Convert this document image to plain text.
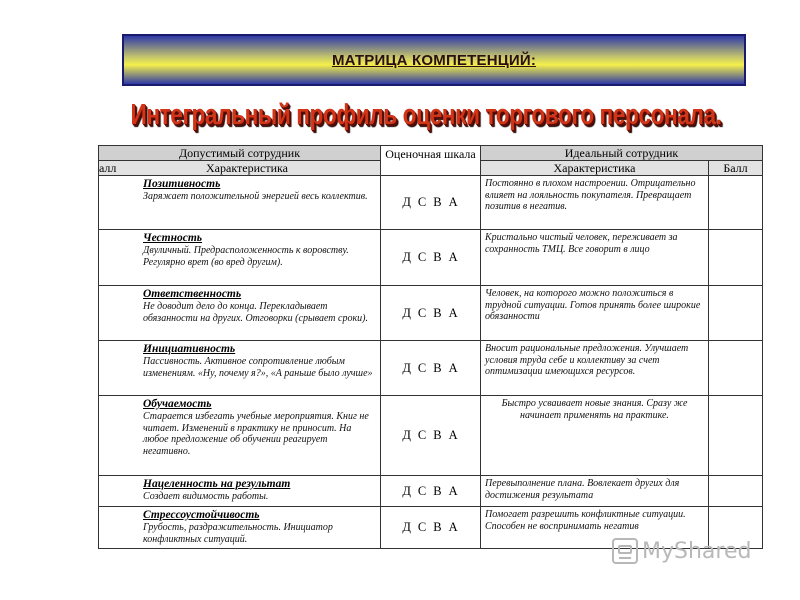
МАТРИЦА КОМПЕТЕНЦИЙ:
Интегральный профиль оценки торгового персонала.
Допустимый сотрудник	Оценочная шкала	Идеальный сотрудник	
алл Характеристика		Характеристика	Балл

Позитивность
Заряжает положительной энергией весь коллектив.	Д С В А	Постоянно в плохом настроении. Отрицательно влияет на лояльность покупателя. Превращает позитив в негатив.	

Честность
Двуличный. Предрасположенность к воровству. Регулярно врет (во вред другим).	Д С В А	Кристально чистый человек, переживает за сохранность ТМЦ. Все говорит в лицо	

Ответственность
Не доводит дело до конца. Перекладывает обязанности на других. Отговорки (срывает сроки).	Д С В А	Человек, на которого можно положиться в трудной ситуации. Готов принять более широкие обязанности	

Инициативность
Пассивность. Активное сопротивление любым изменениям. «Ну, почему я?», «А раньше было лучше»	Д С В А	Вносит рациональные предложения. Улучшает условия труда себе и коллективу за счет оптимизации имеющихся ресурсов.	

Обучаемость
Старается избегать учебные мероприятия. Книг не читает. Изменений в практику не приносит. На любое предложение об обучении реагирует негативно.	Д С В А	Быстро усваивает новые знания. Сразу же начинает применять на практике.	

Нацеленность на результат
Создает видимость работы.	Д С В А	Перевыполнение плана. Вовлекает других для достижения результата	

Стрессоустойчивость
Грубость, раздражительность. Инициатор конфликтных ситуаций.	Д С В А	Помогает разрешить конфликтные ситуации. Способен не воспринимать негатив	
MyShared
